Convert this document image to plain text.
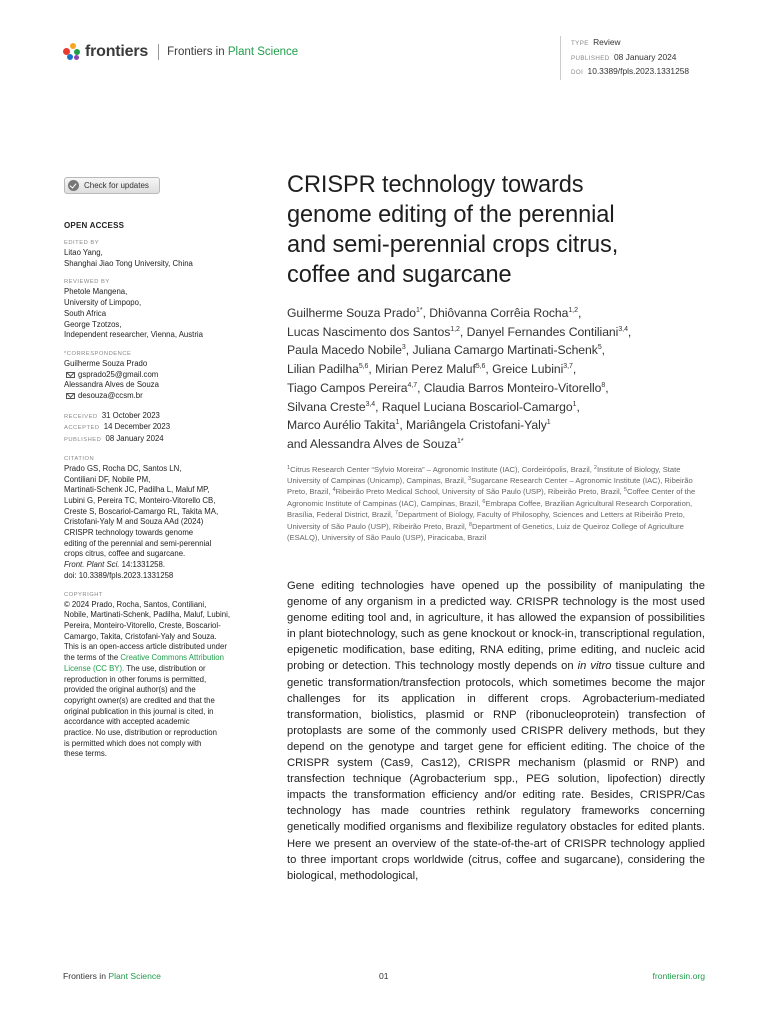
frontiers Frontiers in Plant Science
TYPE Review
PUBLISHED 08 January 2024
DOI 10.3389/fpls.2023.1331258
Check for updates
OPEN ACCESS
EDITED BY
Litao Yang,
Shanghai Jiao Tong University, China
REVIEWED BY
Phetole Mangena,
University of Limpopo,
South Africa
George Tzotzos,
Independent researcher, Vienna, Austria
*CORRESPONDENCE
Guilherme Souza Prado
gsprado25@gmail.com
Alessandra Alves de Souza
desouza@ccsm.br
RECEIVED 31 October 2023
ACCEPTED 14 December 2023
PUBLISHED 08 January 2024
CITATION
Prado GS, Rocha DC, Santos LN,
Contiliani DF, Nobile PM,
Martinati-Schenk JC, Padilha L, Maluf MP,
Lubini G, Pereira TC, Monteiro-Vitorello CB,
Creste S, Boscariol-Camargo RL, Takita MA,
Cristofani-Yaly M and Souza AAd (2024)
CRISPR technology towards genome
editing of the perennial and semi-perennial
crops citrus, coffee and sugarcane.
Front. Plant Sci. 14:1331258.
doi: 10.3389/fpls.2023.1331258
COPYRIGHT
© 2024 Prado, Rocha, Santos, Contiliani,
Nobile, Martinati-Schenk, Padilha, Maluf, Lubini,
Pereira, Monteiro-Vitorello, Creste, Boscariol-
Camargo, Takita, Cristofani-Yaly and Souza.
This is an open-access article distributed under
the terms of the Creative Commons Attribution
License (CC BY). The use, distribution or
reproduction in other forums is permitted,
provided the original author(s) and the
copyright owner(s) are credited and that the
original publication in this journal is cited, in
accordance with accepted academic
practice. No use, distribution or reproduction
is permitted which does not comply with
these terms.
CRISPR technology towards
genome editing of the perennial
and semi-perennial crops citrus,
coffee and sugarcane
Guilherme Souza Prado$^{1*}$, Dhiôvanna Corrêia Rocha$^{1,2}$,
Lucas Nascimento dos Santos$^{1,2}$, Danyel Fernandes Contiliani$^{3,4}$,
Paula Macedo Nobile$^3$, Juliana Camargo Martinati-Schenk$^5$,
Lilian Padilha$^{5,6}$, Mirian Perez Maluf$^{5,6}$, Greice Lubini$^{3,7}$,
Tiago Campos Pereira$^{4,7}$, Claudia Barros Monteiro-Vitorello$^8$,
Silvana Creste$^{3,4}$, Raquel Luciana Boscariol-Camargo$^1$,
Marco Aurélio Takita$^1$, Mariângela Cristofani-Yaly$^1$
and Alessandra Alves de Souza$^{1*}$
$^1$Citrus Research Center “Sylvio Moreira” – Agronomic Institute (IAC), Cordeirópolis, Brazil, $^2$Institute of Biology, State University of Campinas (Unicamp), Campinas, Brazil, $^3$Sugarcane Research Center – Agronomic Institute (IAC), Ribeirão Preto, Brazil, $^4$Ribeirão Preto Medical School, University of São Paulo (USP), Ribeirão Preto, Brazil, $^5$Coffee Center of the Agronomic Institute of Campinas (IAC), Campinas, Brazil, $^6$Embrapa Coffee, Brazilian Agricultural Research Corporation, Brasília, Federal District, Brazil, $^7$Department of Biology, Faculty of Philosophy, Sciences and Letters at Ribeirão Preto, University of São Paulo (USP), Ribeirão Preto, Brazil, $^8$Department of Genetics, Luiz de Queiroz College of Agriculture (ESALQ), University of São Paulo (USP), Piracicaba, Brazil
Gene editing technologies have opened up the possibility of manipulating the genome of any organism in a predicted way. CRISPR technology is the most used genome editing tool and, in agriculture, it has allowed the expansion of possibilities in plant biotechnology, such as gene knockout or knock-in, transcriptional regulation, epigenetic modification, base editing, RNA editing, prime editing, and nucleic acid probing or detection. This technology mostly depends on in vitro tissue culture and genetic transformation/transfection protocols, which sometimes become the major challenges for its application in different crops. Agrobacterium-mediated transformation, biolistics, plasmid or RNP (ribonucleoprotein) transfection of protoplasts are some of the commonly used CRISPR delivery methods, but they depend on the genotype and target gene for efficient editing. The choice of the CRISPR system (Cas9, Cas12), CRISPR mechanism (plasmid or RNP) and transfection technique (Agrobacterium spp., PEG solution, lipofection) directly impacts the transformation efficiency and/or editing rate. Besides, CRISPR/Cas technology has made countries rethink regulatory frameworks concerning genetically modified organisms and flexibilize regulatory obstacles for edited plants. Here we present an overview of the state-of-the-art of CRISPR technology applied to three important crops worldwide (citrus, coffee and sugarcane), considering the biological, methodological,
Frontiers in Plant Science	01	frontiersin.org
